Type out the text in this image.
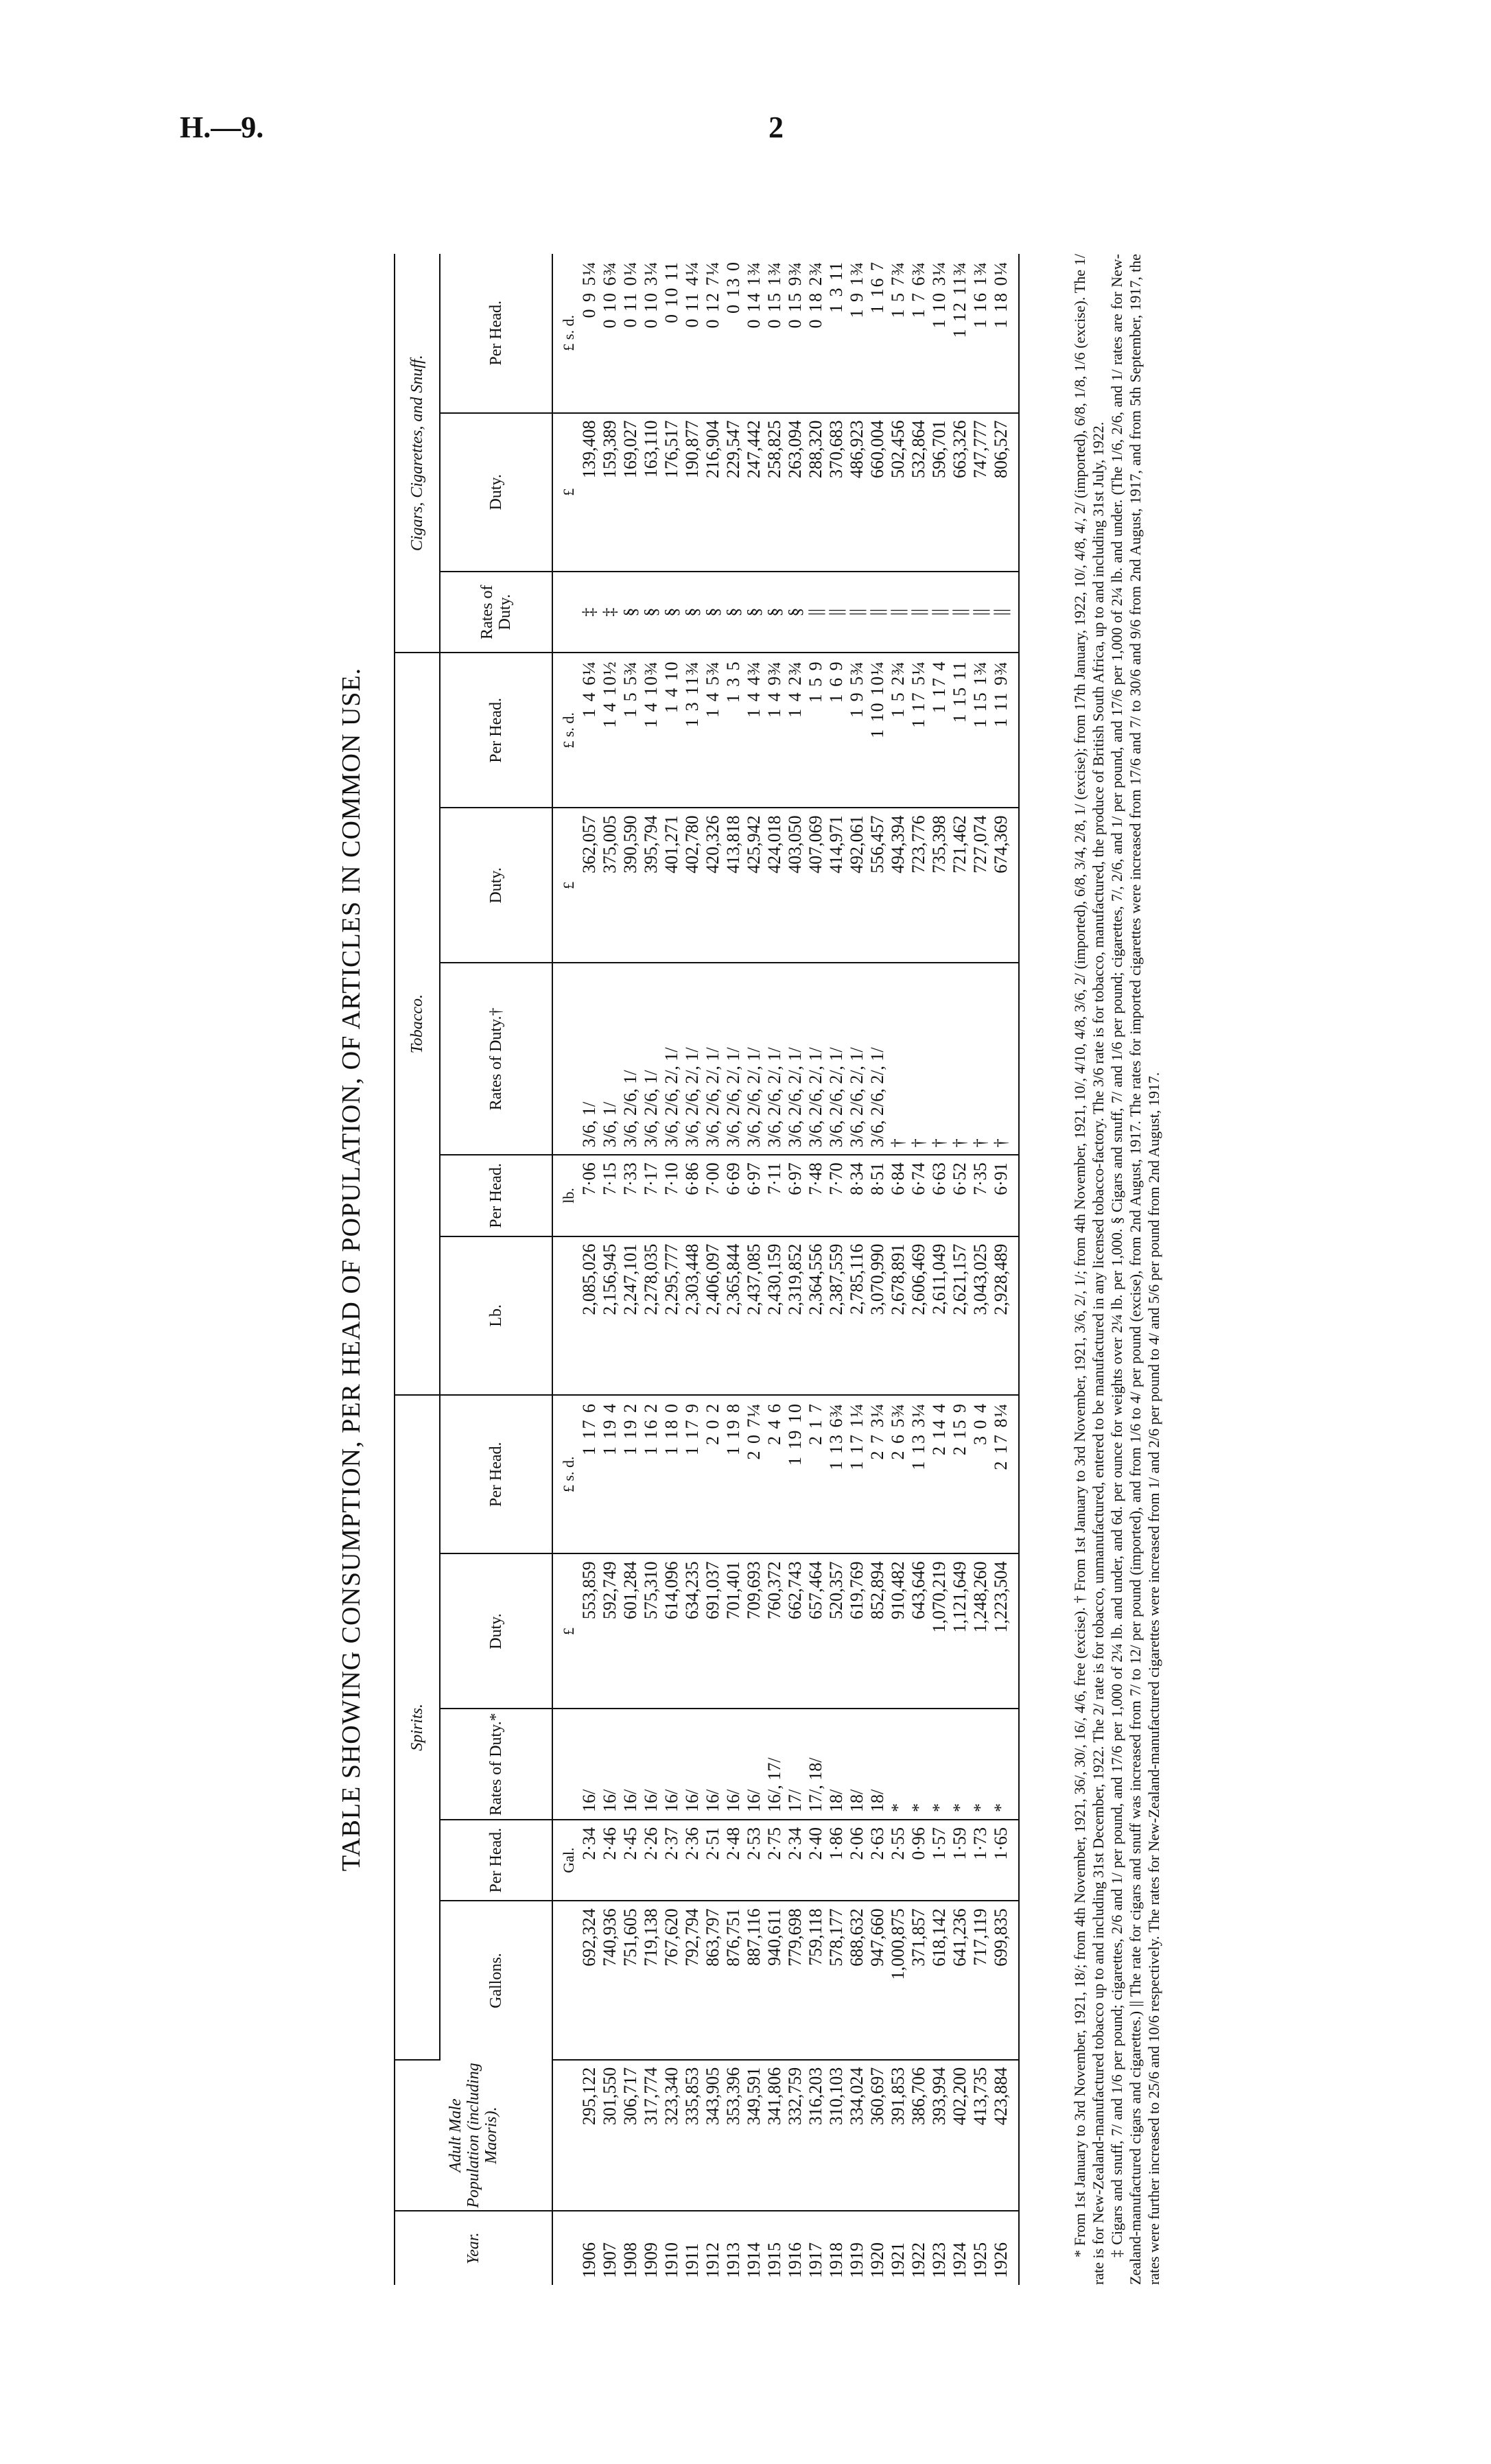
H.—9.	2
TABLE SHOWING CONSUMPTION, PER HEAD OF POPULATION, OF ARTICLES IN COMMON USE.
Year.	Adult Male Population (including Maoris).	Spirits.					Tobacco.					Cigars, Cigarettes, and Snuff.		
		Gallons.	Per Head.	Rates of Duty.*	Duty.	Per Head.	Lb.	Per Head.	Rates of Duty.†	Duty.	Per Head.	Rates of Duty.	Duty.	Per Head.
			Gal.		£	£ s. d.		lb.		£	£ s. d.		£	£ s. d.
1906	295,122	692,324	2·34	16/	553,859	1 17 6	2,085,026	7·06	3/6, 1/	362,057	1 4 6¼	‡	139,408	0 9 5¼
1907	301,550	740,936	2·46	16/	592,749	1 19 4	2,156,945	7·15	3/6, 1/	375,005	1 4 10½	‡	159,389	0 10 6¾
1908	306,717	751,605	2·45	16/	601,284	1 19 2	2,247,101	7·33	3/6, 2/6, 1/	390,590	1 5 5¾	§	169,027	0 11 0¼
1909	317,774	719,138	2·26	16/	575,310	1 16 2	2,278,035	7·17	3/6, 2/6, 1/	395,794	1 4 10¾	§	163,110	0 10 3¼
1910	323,340	767,620	2·37	16/	614,096	1 18 0	2,295,777	7·10	3/6, 2/6, 2/, 1/	401,271	1 4 10	§	176,517	0 10 11
1911	335,853	792,794	2·36	16/	634,235	1 17 9	2,303,448	6·86	3/6, 2/6, 2/, 1/	402,780	1 3 11¾	§	190,877	0 11 4¼
1912	343,905	863,797	2·51	16/	691,037	2 0 2	2,406,097	7·00	3/6, 2/6, 2/, 1/	420,326	1 4 5¾	§	216,904	0 12 7¼
1913	353,396	876,751	2·48	16/	701,401	1 19 8	2,365,844	6·69	3/6, 2/6, 2/, 1/	413,818	1 3 5	§	229,547	0 13 0
1914	349,591	887,116	2·53	16/	709,693	2 0 7¼	2,437,085	6·97	3/6, 2/6, 2/, 1/	425,942	1 4 4¾	§	247,442	0 14 1¾
1915	341,806	940,611	2·75	16/, 17/	760,372	2 4 6	2,430,159	7·11	3/6, 2/6, 2/, 1/	424,018	1 4 9¾	§	258,825	0 15 1¾
1916	332,759	779,698	2·34	17/	662,743	1 19 10	2,319,852	6·97	3/6, 2/6, 2/, 1/	403,050	1 4 2¾	§	263,094	0 15 9¾
1917	316,203	759,118	2·40	17/, 18/	657,464	2 1 7	2,364,556	7·48	3/6, 2/6, 2/, 1/	407,069	1 5 9	||	288,320	0 18 2¾
1918	310,103	578,177	1·86	18/	520,357	1 13 6¾	2,387,559	7·70	3/6, 2/6, 2/, 1/	414,971	1 6 9	||	370,683	1 3 11
1919	334,024	688,632	2·06	18/	619,769	1 17 1¼	2,785,116	8·34	3/6, 2/6, 2/, 1/	492,061	1 9 5¾	||	486,923	1 9 1¾
1920	360,697	947,660	2·63	18/	852,894	2 7 3¼	3,070,990	8·51	3/6, 2/6, 2/, 1/	556,457	1 10 10¼	||	660,004	1 16 7
1921	391,853	1,000,875	2·55	*	910,482	2 6 5¾	2,678,891	6·84	†	494,394	1 5 2¾	||	502,456	1 5 7¾
1922	386,706	371,857	0·96	*	643,646	1 13 3¼	2,606,469	6·74	†	723,776	1 17 5¼	||	532,864	1 7 6¾
1923	393,994	618,142	1·57	*	1,070,219	2 14 4	2,611,049	6·63	†	735,398	1 17 4	||	596,701	1 10 3¼
1924	402,200	641,236	1·59	*	1,121,649	2 15 9	2,621,157	6·52	†	721,462	1 15 11	||	663,326	1 12 11¾
1925	413,735	717,119	1·73	*	1,248,260	3 0 4	3,043,025	7·35	†	727,074	1 15 1¾	||	747,777	1 16 1¾
1926	423,884	699,835	1·65	*	1,223,504	2 17 8¼	2,928,489	6·91	†	674,369	1 11 9¾	||	806,527	1 18 0¼	* From 1st January to 3rd November, 1921, 18/; from 4th November, 1921, 36/, 30/, 16/, 4/6, free (excise). † From 1st January to 3rd November, 1921, 3/6, 2/, 1/; from 4th November, 1921, 10/, 4/10, 4/8, 3/6, 2/ (imported), 6/8, 3/4, 2/8, 1/ (excise); from 17th January, 1922, 10/, 4/8, 4/, 2/ (imported), 6/8, 1/8, 1/6 (excise). The 1/ rate is for New-Zealand-manufactured tobacco up to and including 31st December, 1922. The 2/ rate is for tobacco, unmanufactured, entered to be manufactured in any licensed tobacco-factory. The 3/6 rate is for tobacco, manufactured, the produce of British South Africa, up to and including 31st July, 1922. ‡ Cigars and snuff, 7/ and 1/6 per pound; cigarettes, 2/6 and 1/ per pound, and 17/6 per 1,000 of 2¼ lb. and under, and 6d. per ounce for weights over 2¼ lb. per 1,000. § Cigars and snuff, 7/ and 1/6 per pound; cigarettes, 7/, 2/6, and 1/ per pound, and 17/6 per 1,000 of 2¼ lb. and under. (The 1/6, 2/6, and 1/ rates are for New-Zealand-manufactured cigars and cigarettes.) || The rate for cigars and snuff was increased from 7/ to 12/ per pound (imported), and from 1/6 to 4/ per pound (excise), from 2nd August, 1917. The rates for imported cigarettes were increased from 17/6 and 7/ to 30/6 and 9/6 from 2nd August, 1917, and from 5th September, 1917, the rates were further increased to 25/6 and 10/6 respectively. The rates for New-Zealand-manufactured cigarettes were increased from 1/ and 2/6 per pound to 4/ and 5/6 per pound from 2nd August, 1917.
